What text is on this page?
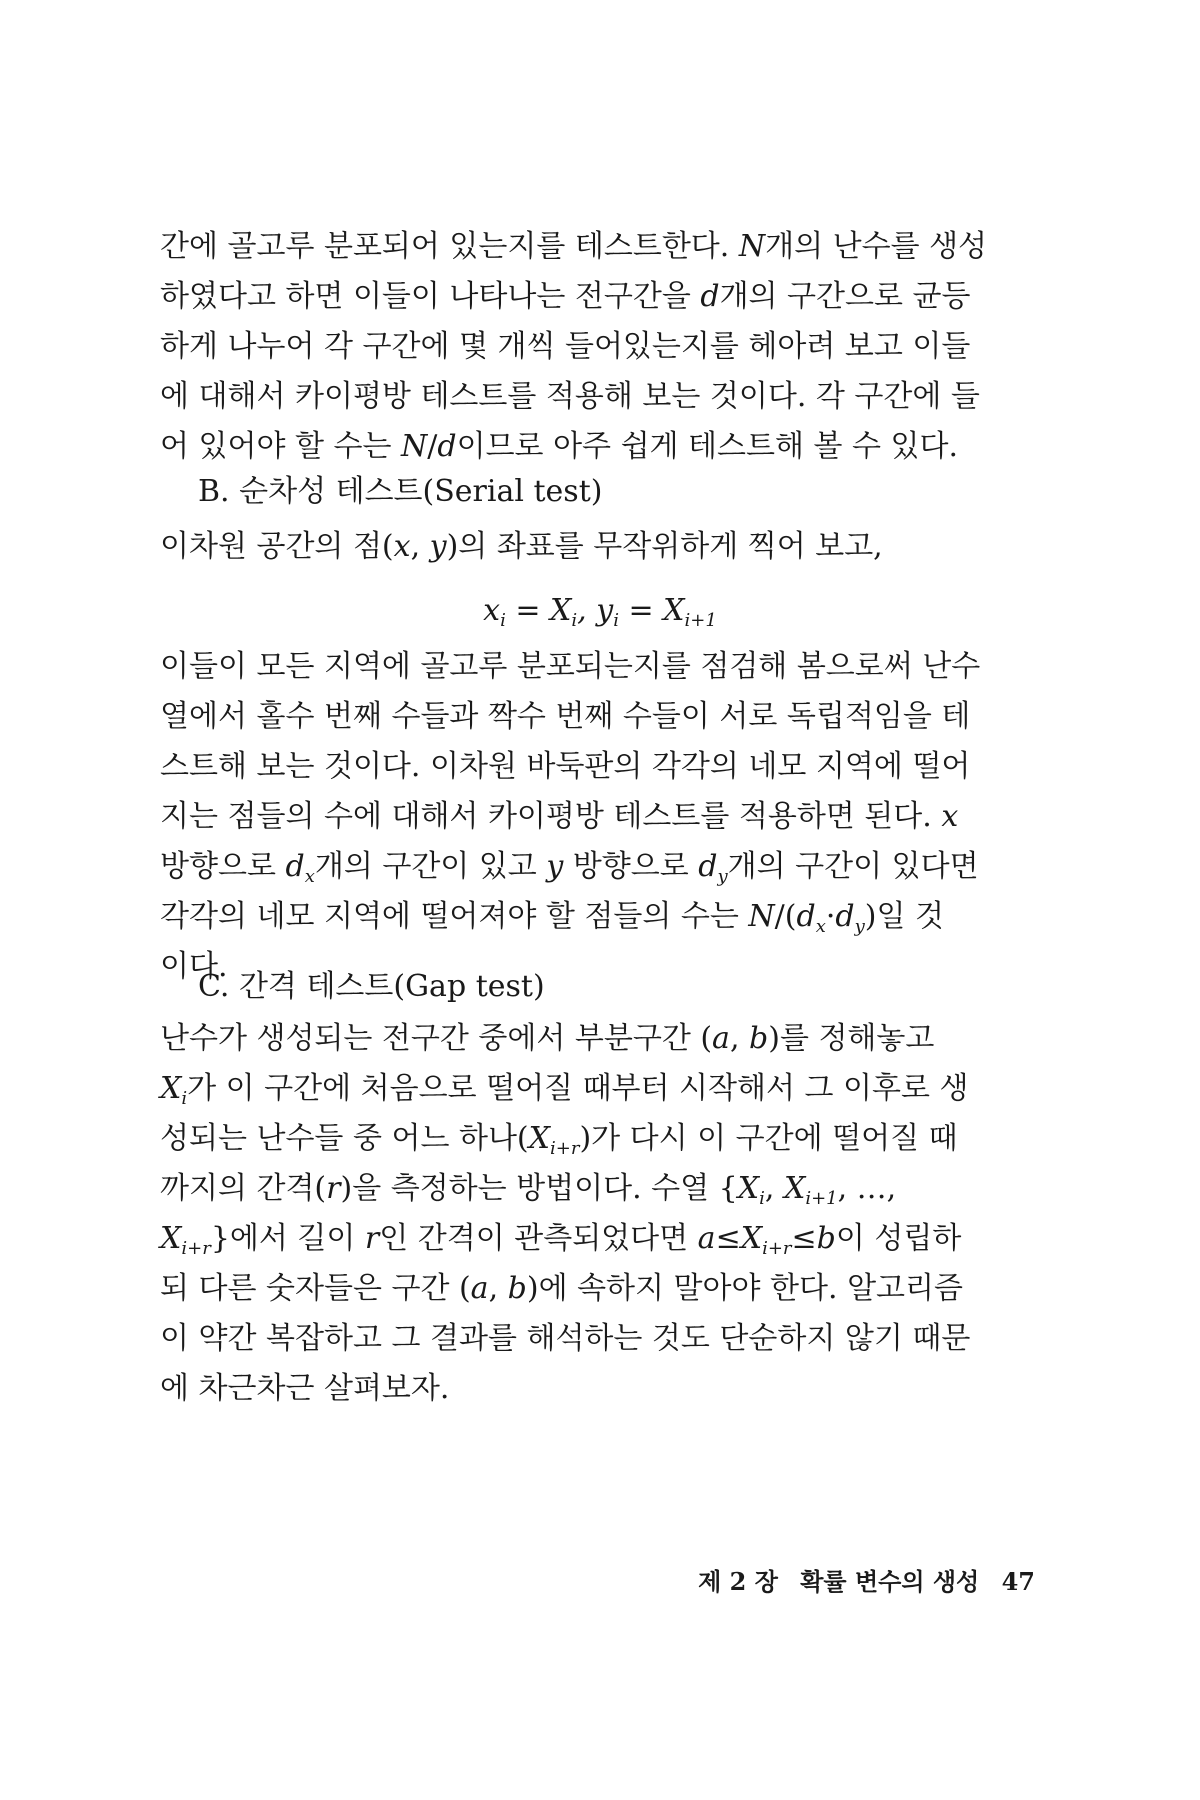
간에 골고루 분포되어 있는지를 테스트한다. N개의 난수를 생성
하였다고 하면 이들이 나타나는 전구간을 d개의 구간으로 균등
하게 나누어 각 구간에 몇 개씩 들어있는지를 헤아려 보고 이들
에 대해서 카이평방 테스트를 적용해 보는 것이다. 각 구간에 들
어 있어야 할 수는 N/d이므로 아주 쉽게 테스트해 볼 수 있다.

B. 순차성 테스트(Serial test)

이차원 공간의 점(x, y)의 좌표를 무작위하게 찍어 보고,

$x_i = X_i$, $y_i = X_{i+1}$

이들이 모든 지역에 골고루 분포되는지를 점검해 봄으로써 난수
열에서 홀수 번째 수들과 짝수 번째 수들이 서로 독립적임을 테
스트해 보는 것이다. 이차원 바둑판의 각각의 네모 지역에 떨어
지는 점들의 수에 대해서 카이평방 테스트를 적용하면 된다. x
방향으로 $d_x$개의 구간이 있고 y 방향으로 $d_y$개의 구간이 있다면
각각의 네모 지역에 떨어져야 할 점들의 수는 $N/(d_x\cdot d_y)$일 것
이다.

C. 간격 테스트(Gap test)

난수가 생성되는 전구간 중에서 부분구간 (a, b)를 정해놓고
$X_i$가 이 구간에 처음으로 떨어질 때부터 시작해서 그 이후로 생
성되는 난수들 중 어느 하나$(X_{i+r})$가 다시 이 구간에 떨어질 때
까지의 간격(r)을 측정하는 방법이다. 수열 {$X_i$, $X_{i+1}$, …,
$X_{i+r}$}에서 길이 r인 간격이 관측되었다면 $a\le X_{i+r}\le b$이 성립하
되 다른 숫자들은 구간 (a, b)에 속하지 말아야 한다. 알고리즘
이 약간 복잡하고 그 결과를 해석하는 것도 단순하지 않기 때문
에 차근차근 살펴보자.

제 2 장 확률 변수의 생성 47
